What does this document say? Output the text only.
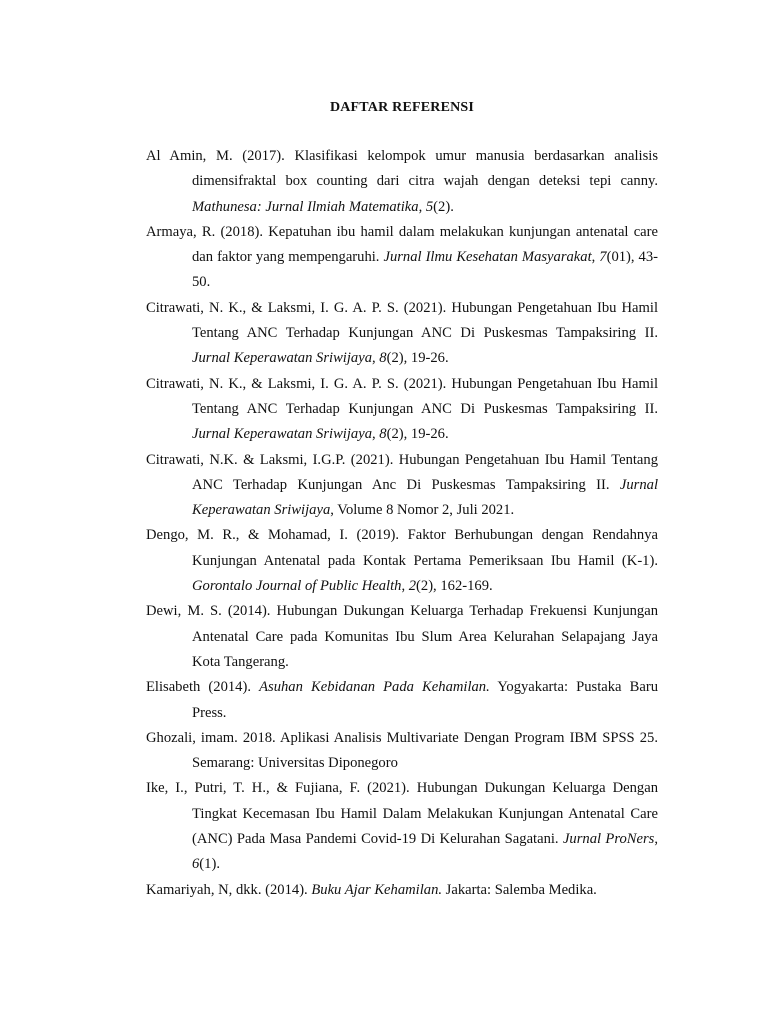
DAFTAR REFERENSI

Al Amin, M. (2017). Klasifikasi kelompok umur manusia berdasarkan analisis dimensifraktal box counting dari citra wajah dengan deteksi tepi canny. Mathunesa: Jurnal Ilmiah Matematika, 5(2).

Armaya, R. (2018). Kepatuhan ibu hamil dalam melakukan kunjungan antenatal care dan faktor yang mempengaruhi. Jurnal Ilmu Kesehatan Masyarakat, 7(01), 43-50.

Citrawati, N. K., & Laksmi, I. G. A. P. S. (2021). Hubungan Pengetahuan Ibu Hamil Tentang ANC Terhadap Kunjungan ANC Di Puskesmas Tampaksiring II. Jurnal Keperawatan Sriwijaya, 8(2), 19-26.

Citrawati, N. K., & Laksmi, I. G. A. P. S. (2021). Hubungan Pengetahuan Ibu Hamil Tentang ANC Terhadap Kunjungan ANC Di Puskesmas Tampaksiring II. Jurnal Keperawatan Sriwijaya, 8(2), 19-26.

Citrawati, N.K. & Laksmi, I.G.P. (2021). Hubungan Pengetahuan Ibu Hamil Tentang ANC Terhadap Kunjungan Anc Di Puskesmas Tampaksiring II. Jurnal Keperawatan Sriwijaya, Volume 8 Nomor 2, Juli 2021.

Dengo, M. R., & Mohamad, I. (2019). Faktor Berhubungan dengan Rendahnya Kunjungan Antenatal pada Kontak Pertama Pemeriksaan Ibu Hamil (K-1). Gorontalo Journal of Public Health, 2(2), 162-169.

Dewi, M. S. (2014). Hubungan Dukungan Keluarga Terhadap Frekuensi Kunjungan Antenatal Care pada Komunitas Ibu Slum Area Kelurahan Selapajang Jaya Kota Tangerang.

Elisabeth (2014). Asuhan Kebidanan Pada Kehamilan. Yogyakarta: Pustaka Baru Press.

Ghozali, imam. 2018. Aplikasi Analisis Multivariate Dengan Program IBM SPSS 25. Semarang: Universitas Diponegoro

Ike, I., Putri, T. H., & Fujiana, F. (2021). Hubungan Dukungan Keluarga Dengan Tingkat Kecemasan Ibu Hamil Dalam Melakukan Kunjungan Antenatal Care (ANC) Pada Masa Pandemi Covid-19 Di Kelurahan Sagatani. Jurnal ProNers, 6(1).

Kamariyah, N, dkk. (2014). Buku Ajar Kehamilan. Jakarta: Salemba Medika.
